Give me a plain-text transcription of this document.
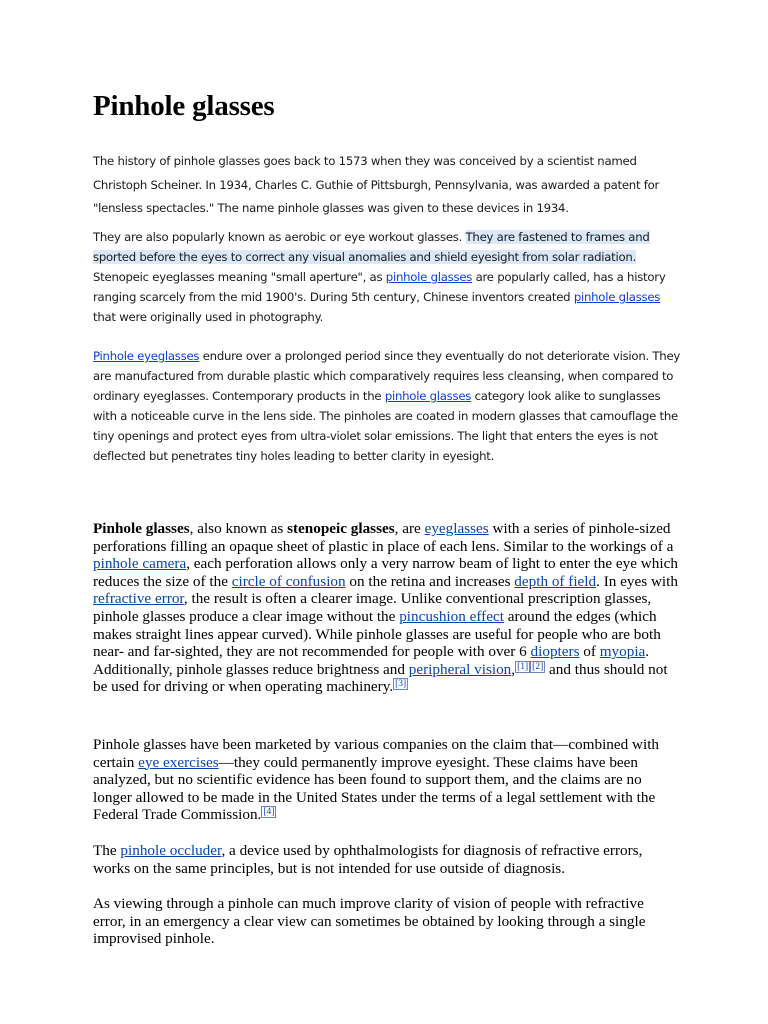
Pinhole glasses

The history of pinhole glasses goes back to 1573 when they was conceived by a scientist named Christoph Scheiner. In 1934, Charles C. Guthie of Pittsburgh, Pennsylvania, was awarded a patent for "lensless spectacles." The name pinhole glasses was given to these devices in 1934.

They are also popularly known as aerobic or eye workout glasses. They are fastened to frames and sported before the eyes to correct any visual anomalies and shield eyesight from solar radiation. Stenopeic eyeglasses meaning "small aperture", as pinhole glasses are popularly called, has a history ranging scarcely from the mid 1900's. During 5th century, Chinese inventors created pinhole glasses that were originally used in photography.

Pinhole eyeglasses endure over a prolonged period since they eventually do not deteriorate vision. They are manufactured from durable plastic which comparatively requires less cleansing, when compared to ordinary eyeglasses. Contemporary products in the pinhole glasses category look alike to sunglasses with a noticeable curve in the lens side. The pinholes are coated in modern glasses that camouflage the tiny openings and protect eyes from ultra-violet solar emissions. The light that enters the eyes is not deflected but penetrates tiny holes leading to better clarity in eyesight.

Pinhole glasses, also known as stenopeic glasses, are eyeglasses with a series of pinhole-sized perforations filling an opaque sheet of plastic in place of each lens. Similar to the workings of a pinhole camera, each perforation allows only a very narrow beam of light to enter the eye which reduces the size of the circle of confusion on the retina and increases depth of field. In eyes with refractive error, the result is often a clearer image. Unlike conventional prescription glasses, pinhole glasses produce a clear image without the pincushion effect around the edges (which makes straight lines appear curved). While pinhole glasses are useful for people who are both near- and far-sighted, they are not recommended for people with over 6 diopters of myopia. Additionally, pinhole glasses reduce brightness and peripheral vision, [1] [2] and thus should not be used for driving or when operating machinery. [3]

Pinhole glasses have been marketed by various companies on the claim that—combined with certain eye exercises—they could permanently improve eyesight. These claims have been analyzed, but no scientific evidence has been found to support them, and the claims are no longer allowed to be made in the United States under the terms of a legal settlement with the Federal Trade Commission. [4]

The pinhole occluder, a device used by ophthalmologists for diagnosis of refractive errors, works on the same principles, but is not intended for use outside of diagnosis.

As viewing through a pinhole can much improve clarity of vision of people with refractive error, in an emergency a clear view can sometimes be obtained by looking through a single improvised pinhole.
